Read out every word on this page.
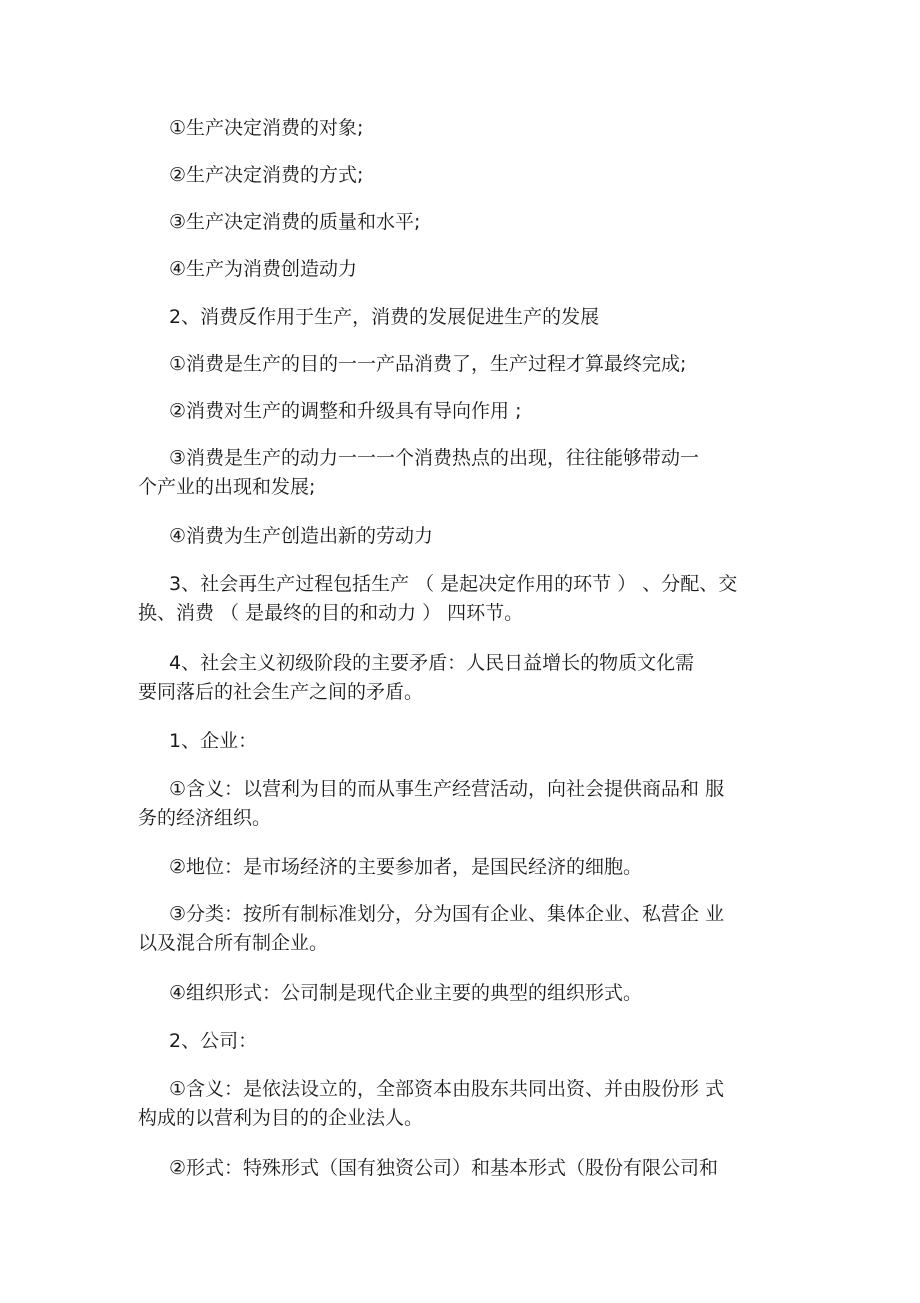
①生产决定消费的对象;

②生产决定消费的方式;

③生产决定消费的质量和水平;

④生产为消费创造动力

2、消费反作用于生产，消费的发展促进生产的发展

①消费是生产的目的一一产品消费了，生产过程才算最终完成;

②消费对生产的调整和升级具有导向作用 ;

③消费是生产的动力一一一个消费热点的出现，往往能够带动一
个产业的出现和发展;

④消费为生产创造出新的劳动力

3、社会再生产过程包括生产 （ 是起决定作用的环节 ） 、分配、交
换、消费 （ 是最终的目的和动力 ） 四环节。

4、社会主义初级阶段的主要矛盾：人民日益增长的物质文化需
要同落后的社会生产之间的矛盾。

1、企业：

①含义：以营利为目的而从事生产经营活动，向社会提供商品和 服
务的经济组织。

②地位：是市场经济的主要参加者，是国民经济的细胞。

③分类：按所有制标准划分，分为国有企业、集体企业、私营企 业
以及混合所有制企业。

④组织形式：公司制是现代企业主要的典型的组织形式。

2、公司：

①含义：是依法设立的，全部资本由股东共同出资、并由股份形 式
构成的以营利为目的的企业法人。

②形式：特殊形式（国有独资公司）和基本形式（股份有限公司和
